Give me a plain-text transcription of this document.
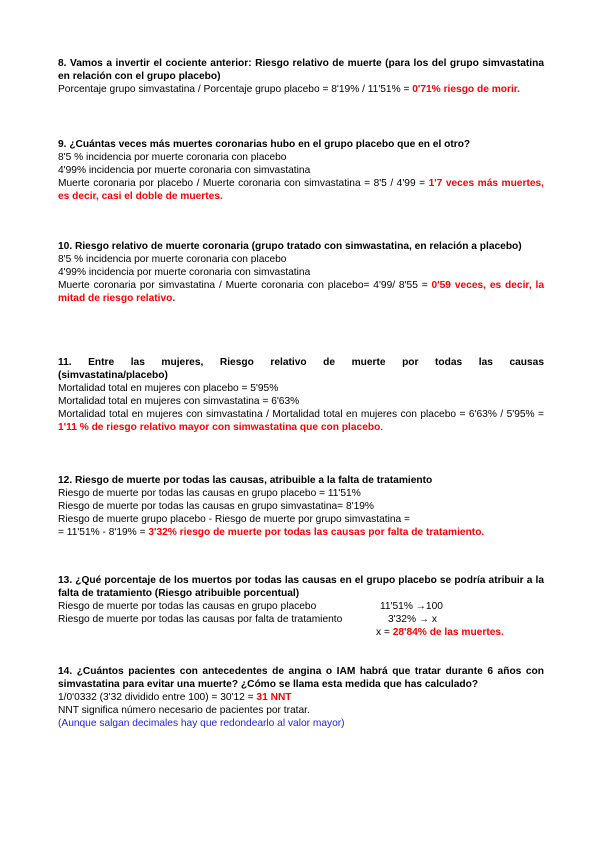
8. Vamos a invertir el cociente anterior: Riesgo relativo de muerte (para los del grupo simvastatina en relación con el grupo placebo)
Porcentaje grupo simvastatina / Porcentaje grupo placebo = 8'19% / 11'51% = 0'71% riesgo de morir.
9. ¿Cuántas veces más muertes coronarias hubo en el grupo placebo que en el otro?
8'5 % incidencia por muerte coronaria con placebo
4'99% incidencia por muerte coronaria con simvastatina
Muerte coronaria por placebo / Muerte coronaria con simvastatina = 8'5 / 4'99 = 1'7 veces más muertes, es decir, casi el doble de muertes.
10. Riesgo relativo de muerte coronaria (grupo tratado con simwastatina, en relación a placebo)
8'5 % incidencia por muerte coronaria con placebo
4'99% incidencia por muerte coronaria con simvastatina
Muerte coronaria por simvastatina / Muerte coronaria con placebo= 4'99/ 8'55 = 0'59 veces, es decir, la mitad de riesgo relativo.
11. Entre las mujeres, Riesgo relativo de muerte por todas las causas (simvastatina/placebo)
Mortalidad total en mujeres con placebo = 5'95%
Mortalidad total en mujeres con simvastatina = 6'63%
Mortalidad total en mujeres con simvastatina / Mortalidad total en mujeres con placebo = 6'63% / 5'95% = 1'11 % de riesgo relativo mayor con simwastatina que con placebo.
12. Riesgo de muerte por todas las causas, atribuible a la falta de tratamiento
Riesgo de muerte por todas las causas en grupo placebo = 11'51%
Riesgo de muerte por todas las causas en grupo simvastatina= 8'19%
Riesgo de muerte grupo placebo - Riesgo de muerte por grupo simvastatina =
= 11'51% - 8'19% = 3'32% riesgo de muerte por todas las causas por falta de tratamiento.
13. ¿Qué porcentaje de los muertos por todas las causas en el grupo placebo se podría atribuir a la falta de tratamiento (Riesgo atribuible porcentual)
Riesgo de muerte por todas las causas en grupo placebo	11'51% →100
Riesgo de muerte por todas las causas por falta de tratamiento	3'32% → x
x = 28'84% de las muertes.
14. ¿Cuántos pacientes con antecedentes de angina o IAM habrá que tratar durante 6 años con simvastatina para evitar una muerte? ¿Cómo se llama esta medida que has calculado?
1/0'0332 (3'32 dividido entre 100) = 30'12 = 31 NNT
NNT significa número necesario de pacientes por tratar.
(Aunque salgan decimales hay que redondearlo al valor mayor)
